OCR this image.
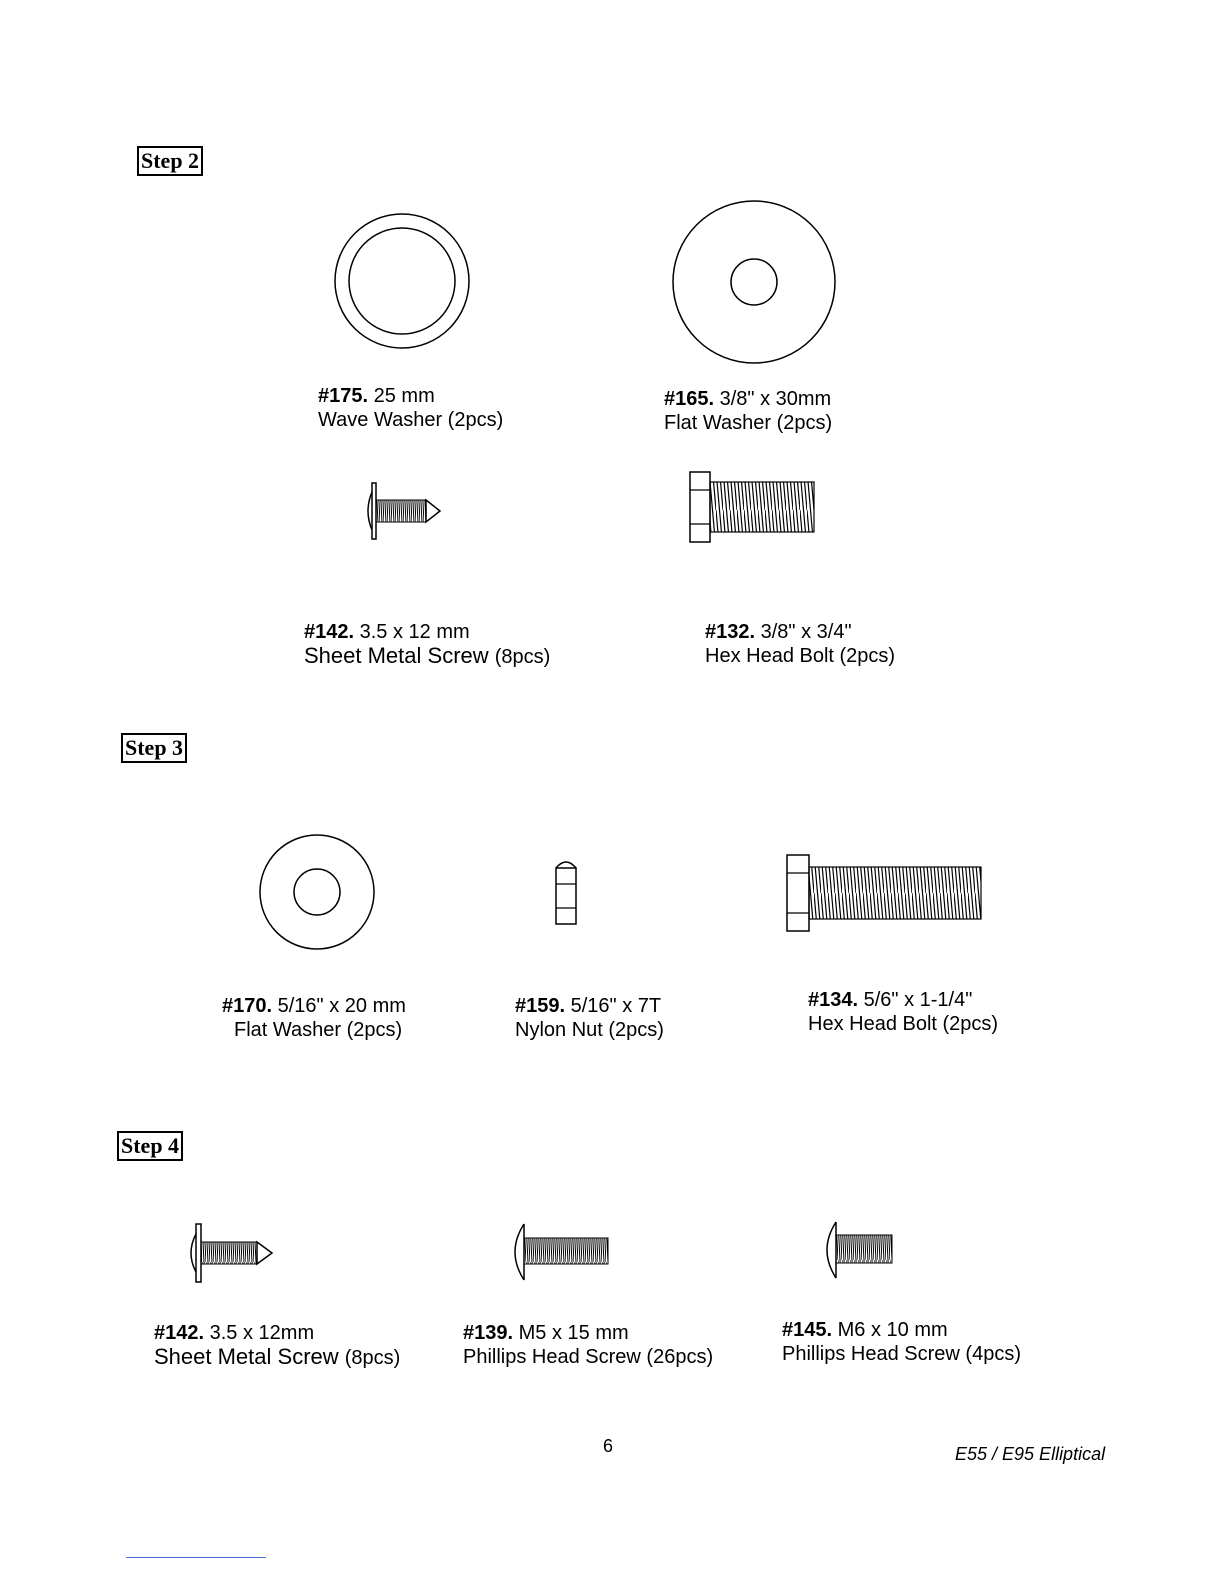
Step 2
#175. 25 mm
Wave Washer (2pcs)
#165. 3/8" x 30mm
Flat Washer (2pcs)
#142. 3.5 x 12 mm
Sheet Metal Screw (8pcs)
#132. 3/8" x 3/4"
Hex Head Bolt (2pcs)
Step 3
#170. 5/16" x 20 mm
Flat Washer (2pcs)
#159. 5/16" x 7T
Nylon Nut (2pcs)
#134. 5/6" x 1-1/4"
Hex Head Bolt (2pcs)
Step 4
#142. 3.5 x 12mm
Sheet Metal Screw (8pcs)
#139. M5 x 15 mm
Phillips Head Screw (26pcs)
#145. M6 x 10 mm
Phillips Head Screw (4pcs)
6	E55 / E95 Elliptical
